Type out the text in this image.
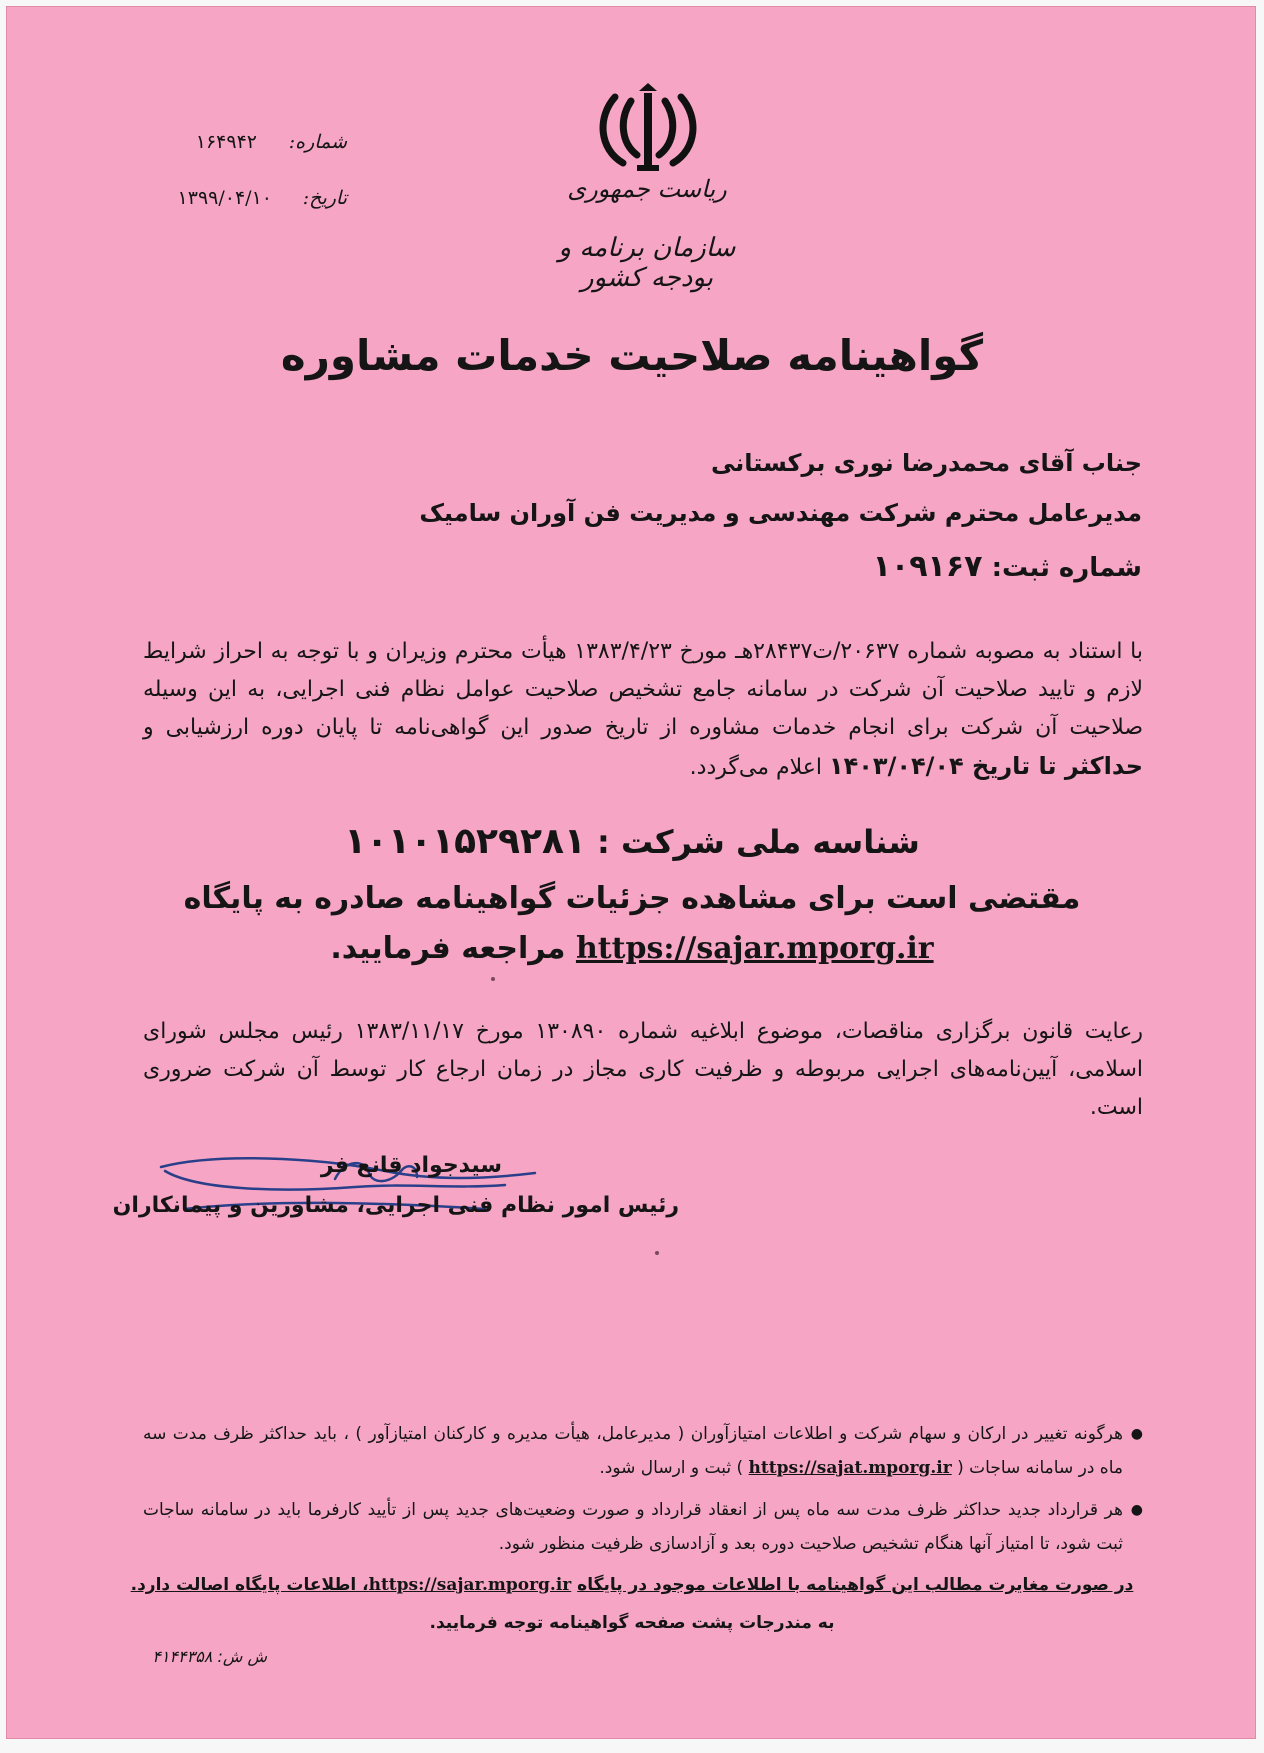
شماره:
۱۶۴۹۴۲
تاریخ:
۱۳۹۹/۰۴/۱۰	ریاست جمهوری
سازمان برنامه و بودجه کشور
گواهینامه صلاحیت خدمات مشاوره
جناب آقای محمدرضا نوری برکستانی
مدیرعامل محترم شرکت مهندسی و مدیریت فن آوران سامیک
شماره ثبت: ۱۰۹۱۶۷
با استناد به مصوبه شماره ۲۰۶۳۷/ت۲۸۴۳۷هـ مورخ ۱۳۸۳/۴/۲۳ هیأت محترم وزیران و با توجه به احراز شرایط لازم و تایید صلاحیت آن شرکت در سامانه جامع تشخیص صلاحیت عوامل نظام فنی اجرایی، به این وسیله صلاحیت آن شرکت برای انجام خدمات مشاوره از تاریخ صدور این گواهی‌نامه تا پایان دوره ارزشیابی و حداکثر تا تاریخ ۱۴۰۳/۰۴/۰۴ اعلام می‌گردد.
شناسه ملی شرکت : ۱۰۱۰۱۵۲۹۲۸۱
مقتضی است برای مشاهده جزئیات گواهینامه صادره به پایگاه
https://sajar.mporg.ir مراجعه فرمایید.
رعایت قانون برگزاری مناقصات، موضوع ابلاغیه شماره ۱۳۰۸۹۰ مورخ ۱۳۸۳/۱۱/۱۷ رئیس مجلس شورای اسلامی، آیین‌نامه‌های اجرایی مربوطه و ظرفیت کاری مجاز در زمان ارجاع کار توسط آن شرکت ضروری است.
سیدجواد قانع فر
رئیس امور نظام فنی اجرایی، مشاورین و پیمانکاران
●
هرگونه تغییر در ارکان و سهام شرکت و اطلاعات امتیازآوران ( مدیرعامل، هیأت مدیره و کارکنان امتیازآور ) ، باید حداکثر ظرف مدت سه ماه در سامانه ساجات ( https://sajat.mporg.ir ) ثبت و ارسال شود.
●
هر قرارداد جدید حداکثر ظرف مدت سه ماه پس از انعقاد قرارداد و صورت وضعیت‌های جدید پس از تأیید کارفرما باید در سامانه ساجات ثبت شود، تا امتیاز آنها هنگام تشخیص صلاحیت دوره بعد و آزادسازی ظرفیت منظور شود.
در صورت مغایرت مطالب این گواهینامه با اطلاعات موجود در پایگاه https://sajar.mporg.ir، اطلاعات پایگاه اصالت دارد.
به مندرجات پشت صفحه گواهینامه توجه فرمایید.
ش ش: ۴۱۴۴۳۵۸
